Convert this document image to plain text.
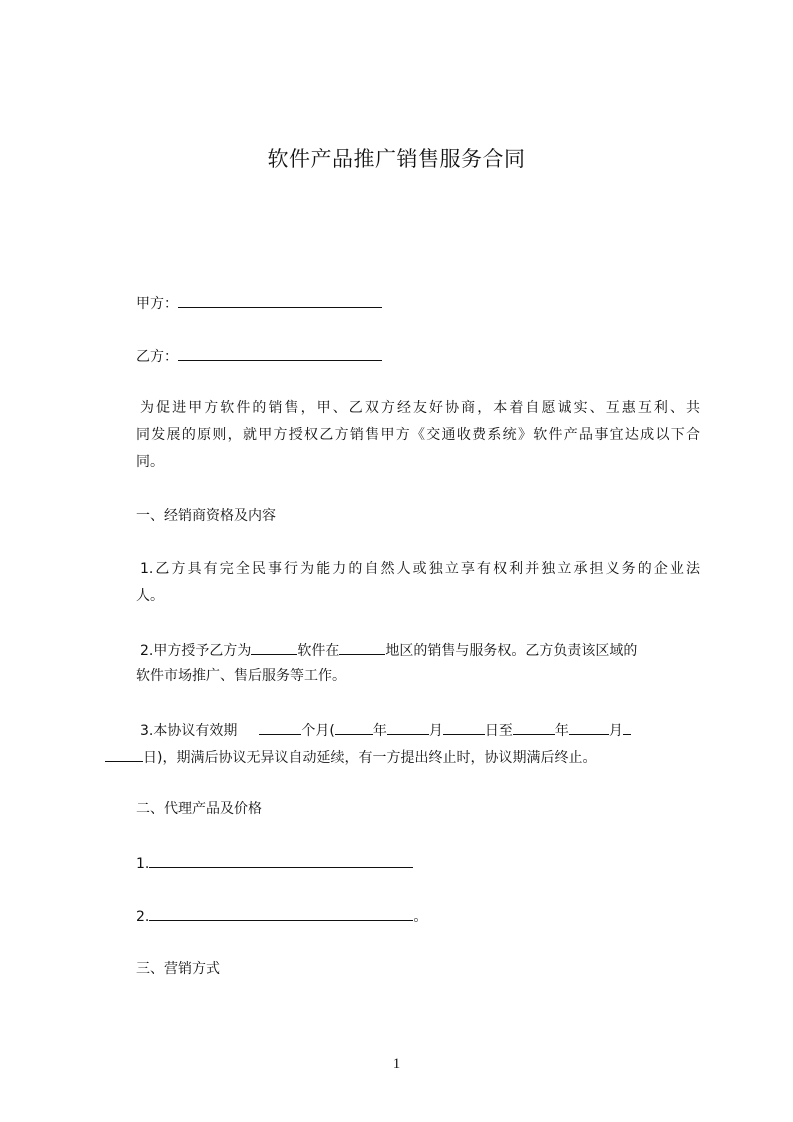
软件产品推广销售服务合同
甲方：
乙方：
为促进甲方软件的销售，甲、乙双方经友好协商，本着自愿诚实、互惠互利、共
同发展的原则，就甲方授权乙方销售甲方《交通收费系统》软件产品事宜达成以下合
同。
一、经销商资格及内容
1.乙方具有完全民事行为能力的自然人或独立享有权利并独立承担义务的企业法
人。
2.甲方授予乙方为	软件在	地区的销售与服务权。乙方负责该区域的
软件市场推广、售后服务等工作。
3.本协议有效期	个月(	年	月	日至	年	月
日)，期满后协议无异议自动延续，有一方提出终止时，协议期满后终止。
二、代理产品及价格
1.
2.	。
三、营销方式
1
